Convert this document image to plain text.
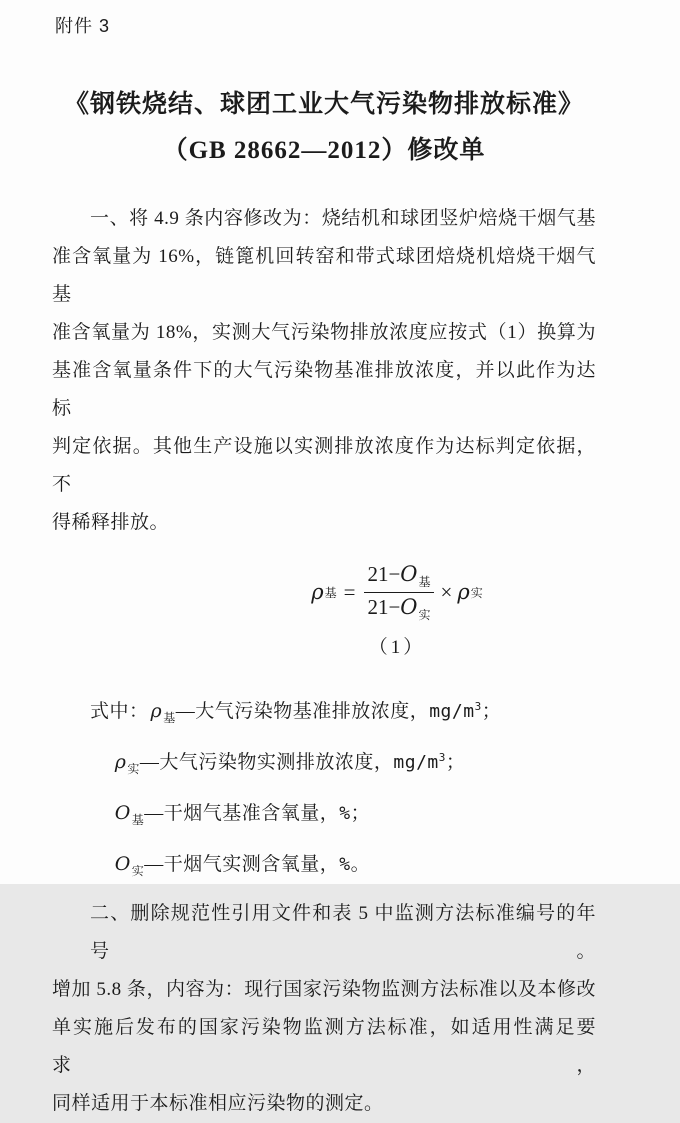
附件 3
《钢铁烧结、球团工业大气污染物排放标准》
（GB 28662—2012）修改单
一、将 4.9 条内容修改为：烧结机和球团竖炉焙烧干烟气基
准含氧量为 16%，链篦机回转窑和带式球团焙烧机焙烧干烟气基
准含氧量为 18%，实测大气污染物排放浓度应按式（1）换算为
基准含氧量条件下的大气污染物基准排放浓度，并以此作为达标
判定依据。其他生产设施以实测排放浓度作为达标判定依据，不
得稀释排放。
ρ 基 = $\frac{21-O_基}{21-O_实} \times \rho$ 实
（1）
式中： $\rho_基—$大气污染物基准排放浓度，$mg/m^3$；
$\rho_实—$大气污染物实测排放浓度，$mg/m^3$；
$O_基—$干烟气基准含氧量，%；
$O_实—$干烟气实测含氧量，%。
二、删除规范性引用文件和表 5 中监测方法标准编号的年号。
增加 5.8 条，内容为：现行国家污染物监测方法标准以及本修改
单实施后发布的国家污染物监测方法标准，如适用性满足要求，
同样适用于本标准相应污染物的测定。
